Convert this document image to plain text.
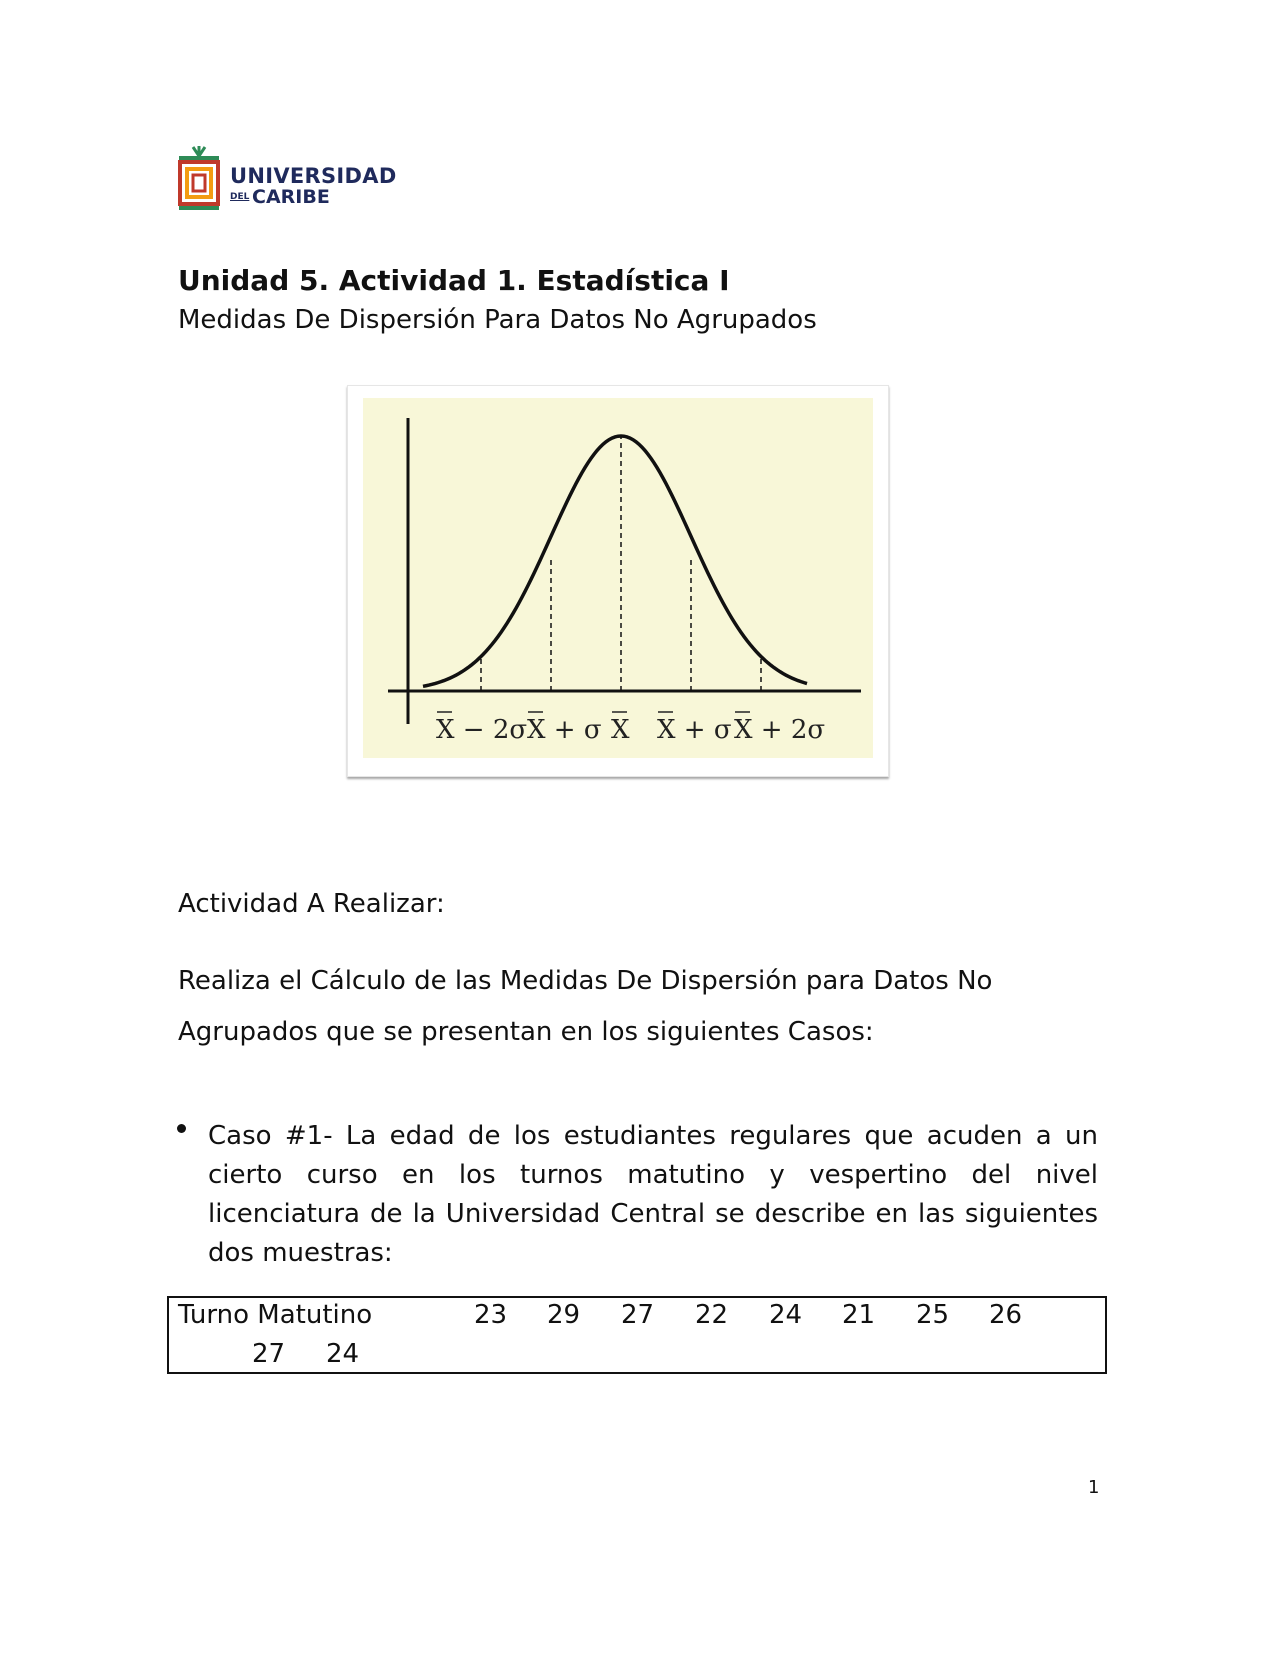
UNIVERSIDAD
DEL CARIBE
Unidad 5. Actividad 1. Estadística I
Medidas De Dispersión Para Datos No Agrupados
X − 2σ X + σ X X + σ X + 2σ
Actividad A Realizar:
Realiza el Cálculo de las Medidas De Dispersión para Datos No
Agrupados que se presentan en los siguientes Casos:
Caso #1- La edad de los estudiantes regulares que acuden a un cierto curso en los turnos matutino y vespertino del nivel licenciatura de la Universidad Central se describe en las siguientes dos muestras:
Turno Matutino	23 29 27 22 24 21 25 26
27 24
1
